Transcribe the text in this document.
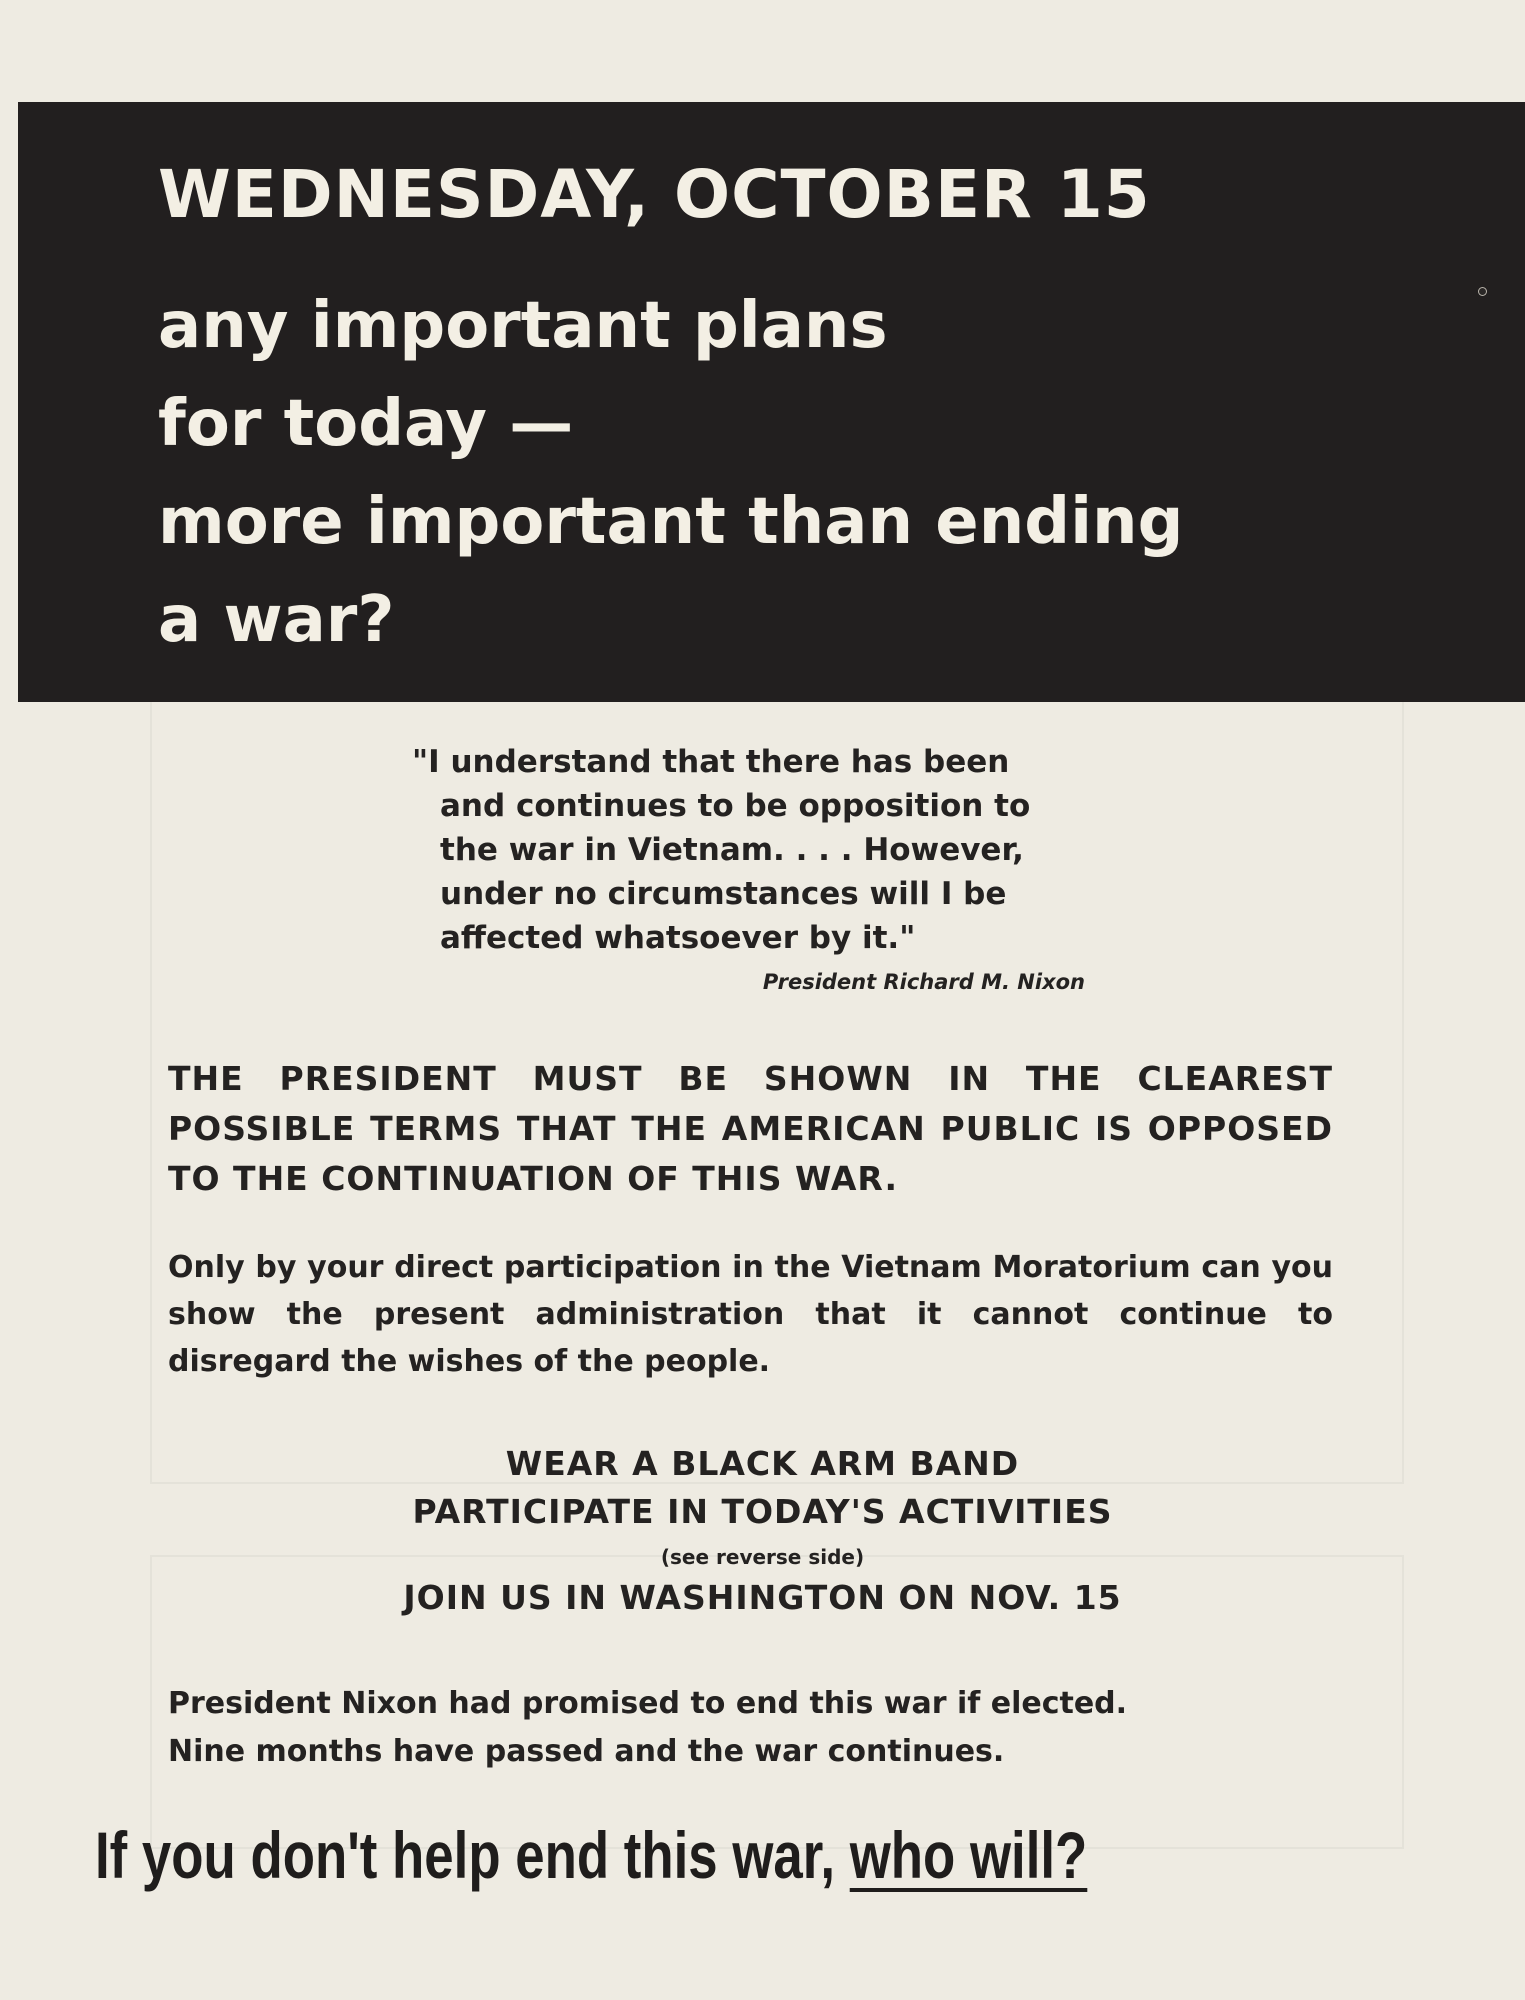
WEDNESDAY, OCTOBER 15
any important plans
for today —
more important than ending
a war?
"I understand that there has been
and continues to be opposition to
the war in Vietnam. . . . However,
under no circumstances will I be
affected whatsoever by it."
President Richard M. Nixon
THE PRESIDENT MUST BE SHOWN IN THE CLEAREST POSSIBLE TERMS THAT THE AMERICAN PUBLIC IS OPPOSED TO THE CONTINUATION OF THIS WAR.
Only by your direct participation in the Vietnam Moratorium can you show the present administration that it cannot continue to disregard the wishes of the people.
WEAR A BLACK ARM BAND
PARTICIPATE IN TODAY'S ACTIVITIES
(see reverse side)
JOIN US IN WASHINGTON ON NOV. 15
President Nixon had promised to end this war if elected.
Nine months have passed and the war continues.
If you don't help end this war, who will?
